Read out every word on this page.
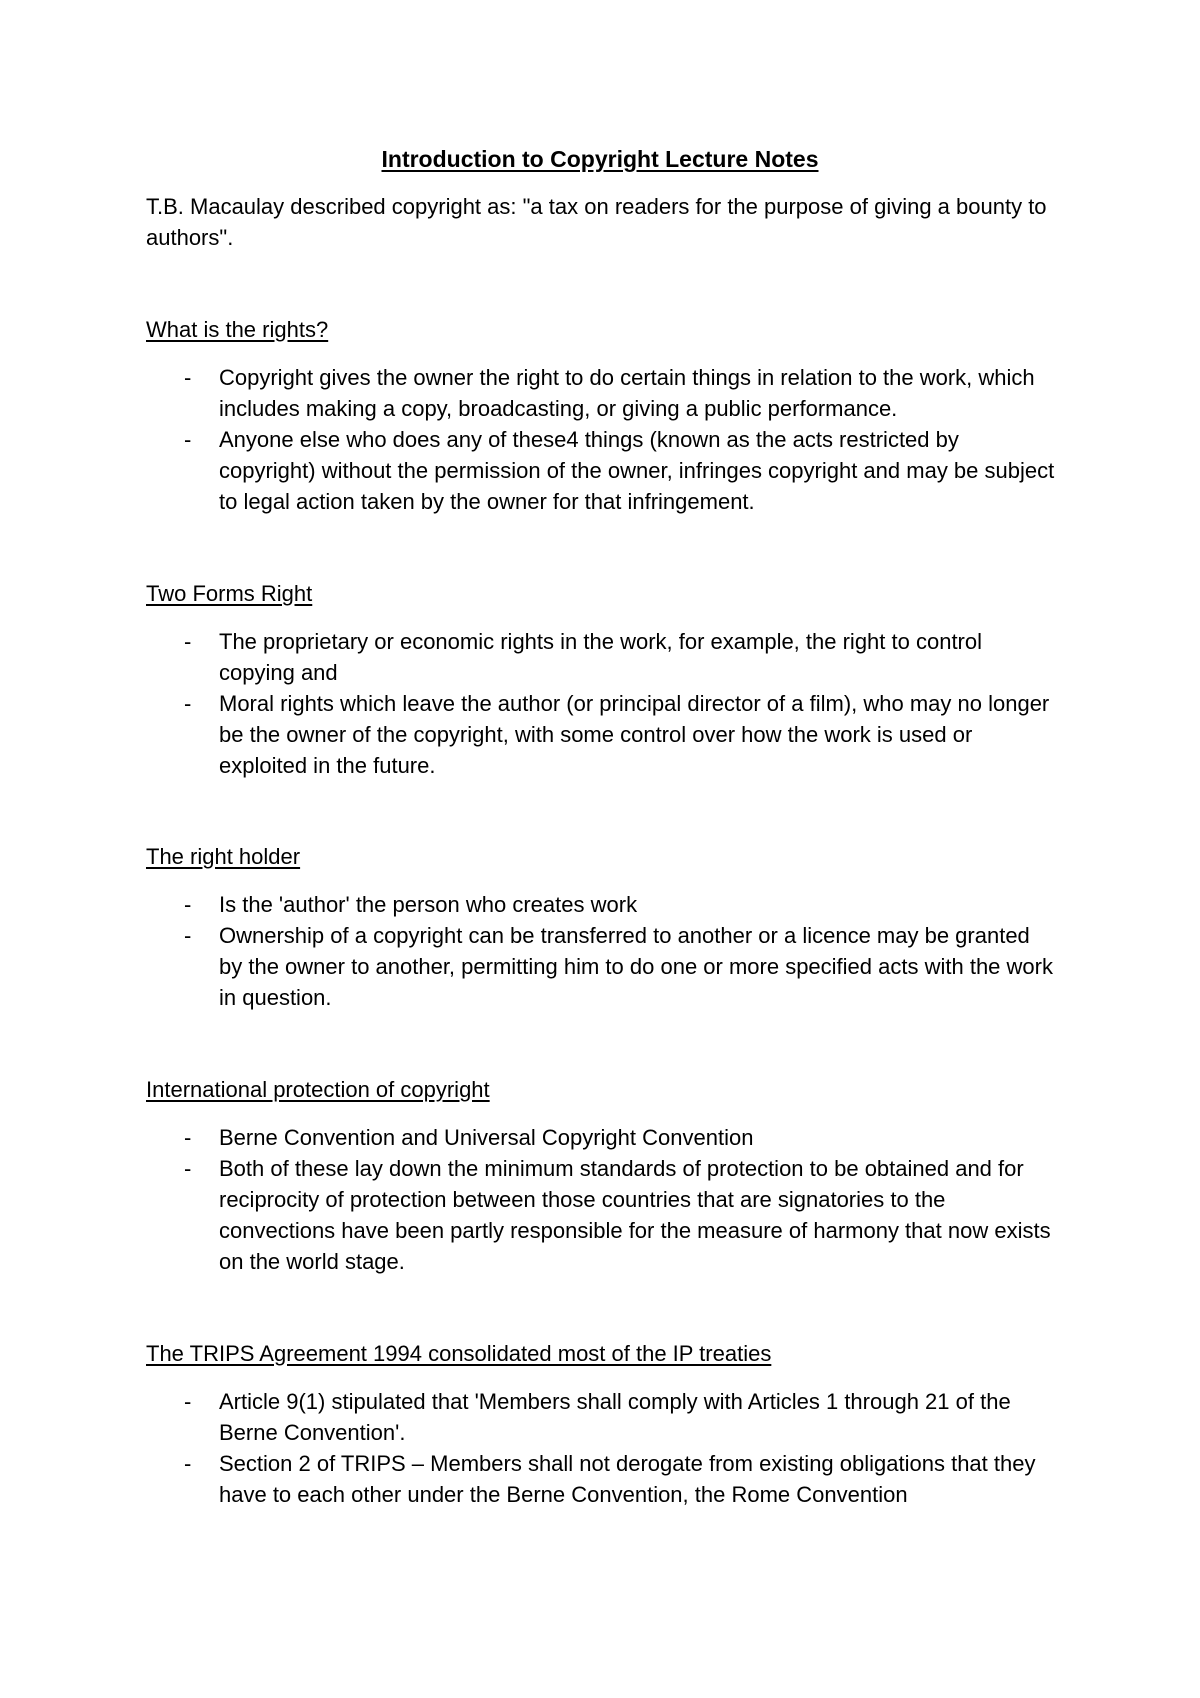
Introduction to Copyright Lecture Notes

T.B. Macaulay described copyright as: "a tax on readers for the purpose of giving a bounty to authors".

What is the rights?

- Copyright gives the owner the right to do certain things in relation to the work, which includes making a copy, broadcasting, or giving a public performance.
- Anyone else who does any of these4 things (known as the acts restricted by copyright) without the permission of the owner, infringes copyright and may be subject to legal action taken by the owner for that infringement.

Two Forms Right

- The proprietary or economic rights in the work, for example, the right to control copying and
- Moral rights which leave the author (or principal director of a film), who may no longer be the owner of the copyright, with some control over how the work is used or exploited in the future.

The right holder

- Is the 'author' the person who creates work
- Ownership of a copyright can be transferred to another or a licence may be granted by the owner to another, permitting him to do one or more specified acts with the work in question.

International protection of copyright

- Berne Convention and Universal Copyright Convention
- Both of these lay down the minimum standards of protection to be obtained and for reciprocity of protection between those countries that are signatories to the convections have been partly responsible for the measure of harmony that now exists on the world stage.

The TRIPS Agreement 1994 consolidated most of the IP treaties

- Article 9(1) stipulated that 'Members shall comply with Articles 1 through 21 of the Berne Convention'.
- Section 2 of TRIPS – Members shall not derogate from existing obligations that they have to each other under the Berne Convention, the Rome Convention
